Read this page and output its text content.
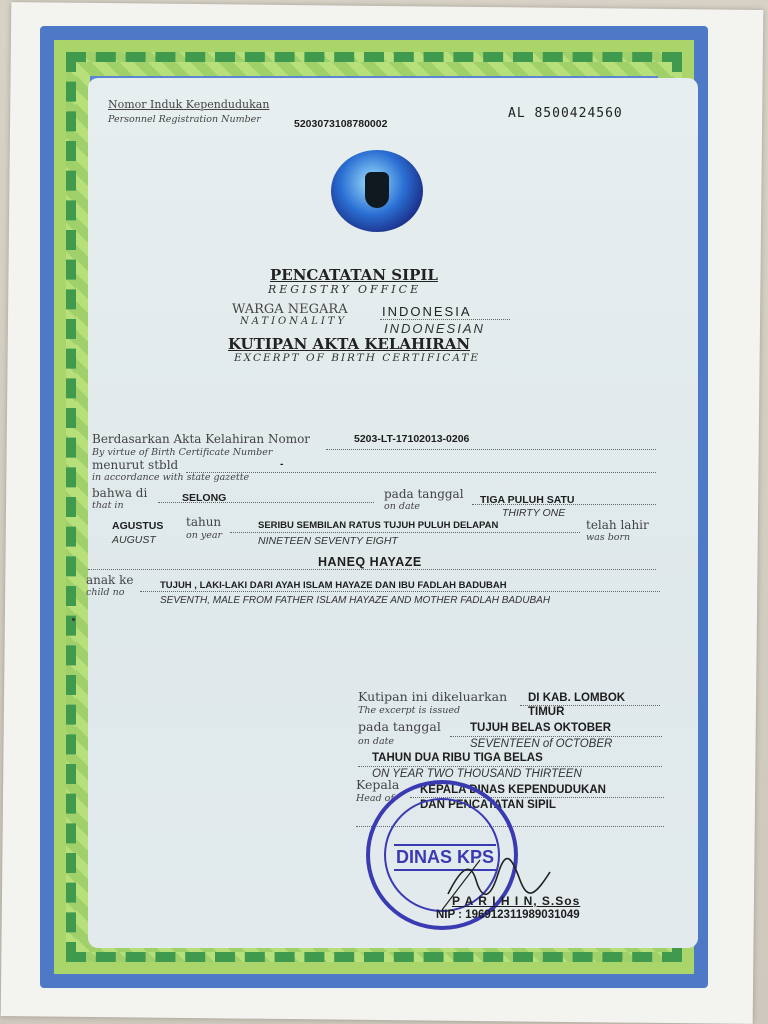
Nomor Induk Kependudukan
Personnel Registration Number	5203073108780002
AL 8500424560
PENCATATAN SIPIL
REGISTRY OFFICE
WARGA NEGARA
NATIONALITY
INDONESIA
INDONESIAN
KUTIPAN AKTA KELAHIRAN
EXCERPT OF BIRTH CERTIFICATE
Berdasarkan Akta Kelahiran Nomor
By virtue of Birth Certificate Number
5203-LT-17102013-0206
menurut stbld
in accordance with state gazette
-
bahwa di
that in
SELONG	pada tanggal
on date
TIGA PULUH SATU
THIRTY ONE
AGUSTUS
AUGUST
tahun
on year
SERIBU SEMBILAN RATUS TUJUH PULUH DELAPAN
NINETEEN SEVENTY EIGHT
telah lahir
was born
HANEQ HAYAZE
anak ke
child no
TUJUH , LAKI-LAKI DARI AYAH ISLAM HAYAZE DAN IBU FADLAH BADUBAH
SEVENTH, MALE FROM FATHER ISLAM HAYAZE AND MOTHER FADLAH BADUBAH
Kutipan ini dikeluarkan
The excerpt is issued
DI KAB. LOMBOK
TIMUR
pada tanggal
on date
TUJUH BELAS OKTOBER
SEVENTEEN of OCTOBER
TAHUN DUA RIBU TIGA BELAS
ON YEAR TWO THOUSAND THIRTEEN
Kepala
Head of
KEPALA DINAS KEPENDUDUKAN
DAN PENCATATAN SIPIL
DINAS KPS
P A R I H I N, S.Sos
NIP : 196912311989031049
